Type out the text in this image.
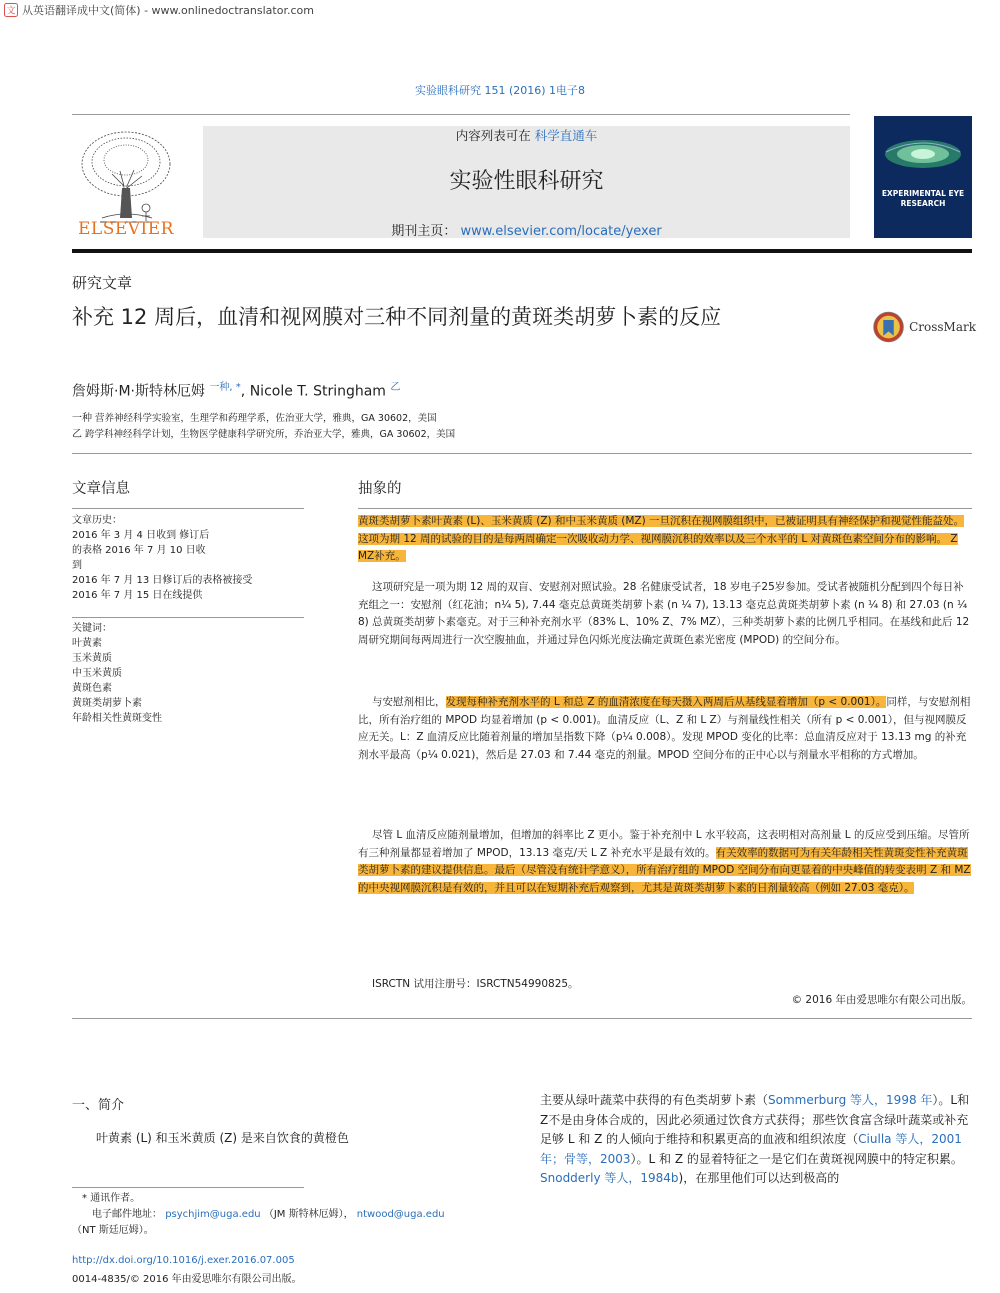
文 从英语翻译成中文(简体) - www.onlinedoctranslator.com
实验眼科研究 151 (2016) 1电子8
ELSEVIER
内容列表可在 科学直通车
实验性眼科研究
期刊主页： www.elsevier.com/locate/yexer
EXPERIMENTAL EYE RESEARCH
研究文章
补充 12 周后，血清和视网膜对三种不同剂量的黄斑类胡萝卜素的反应	CrossMark
詹姆斯·M·斯特林厄姆 $^{一种, *}$, Nicole T. Stringham $^乙$
一种 营养神经科学实验室，生理学和药理学系，佐治亚大学，雅典，GA 30602，美国
乙 跨学科神经科学计划，生物医学健康科学研究所，乔治亚大学，雅典，GA 30602，美国
文章信息
文章历史：
2016 年 3 月 4 日收到 修订后
的表格 2016 年 7 月 10 日收
到
2016 年 7 月 13 日修订后的表格被接受
2016 年 7 月 15 日在线提供
关键词：
叶黄素
玉米黄质
中玉米黄质
黄斑色素
黄斑类胡萝卜素
年龄相关性黄斑变性
抽象的
黄斑类胡萝卜素叶黄素 (L)、玉米黄质 (Z) 和中玉米黄质 (MZ) 一旦沉积在视网膜组织中，已被证明具有神经保护和视觉性能益处。这项为期 12 周的试验的目的是每两周确定一次吸收动力学、视网膜沉积的效率以及三个水平的 L 对黄斑色素空间分布的影响。 Z MZ补充。
这项研究是一项为期 12 周的双盲、安慰剂对照试验。28 名健康受试者，18 岁电子25岁参加。受试者被随机分配到四个每日补充组之一：安慰剂（红花油；n¼ 5), 7.44 毫克总黄斑类胡萝卜素 (n ¼ 7), 13.13 毫克总黄斑类胡萝卜素 (n ¼ 8) 和 27.03 (n ¼ 8) 总黄斑类胡萝卜素毫克。对于三种补充剂水平（83% L、10% Z、7% MZ），三种类胡萝卜素的比例几乎相同。在基线和此后 12 周研究期间每两周进行一次空腹抽血，并通过异色闪烁光度法确定黄斑色素光密度 (MPOD) 的空间分布。
与安慰剂相比，发现每种补充剂水平的 L 和总 Z 的血清浓度在每天摄入两周后从基线显着增加（p < 0.001）。同样，与安慰剂相比，所有治疗组的 MPOD 均显着增加 (p < 0.001)。血清反应（L、Z 和 L Z）与剂量线性相关（所有 p < 0.001），但与视网膜反应无关。L：Z 血清反应比随着剂量的增加呈指数下降（p¼ 0.008）。发现 MPOD 变化的比率：总血清反应对于 13.13 mg 的补充剂水平最高（p¼ 0.021)，然后是 27.03 和 7.44 毫克的剂量。MPOD 空间分布的正中心以与剂量水平相称的方式增加。
尽管 L 血清反应随剂量增加，但增加的斜率比 Z 更小。鉴于补充剂中 L 水平较高，这表明相对高剂量 L 的反应受到压缩。尽管所有三种剂量都显着增加了 MPOD，13.13 毫克/天 L Z 补充水平是最有效的。有关效率的数据可为有关年龄相关性黄斑变性补充黄斑类胡萝卜素的建议提供信息。最后（尽管没有统计学意义），所有治疗组的 MPOD 空间分布向更显着的中央峰值的转变表明 Z 和 MZ 的中央视网膜沉积是有效的，并且可以在短期补充后观察到，尤其是黄斑类胡萝卜素的日剂量较高（例如 27.03 毫克）。
ISRCTN 试用注册号：ISRCTN54990825。
© 2016 年由爱思唯尔有限公司出版。
一、简介
叶黄素 (L) 和玉米黄质 (Z) 是来自饮食的黄橙色
主要从绿叶蔬菜中获得的有色类胡萝卜素（Sommerburg 等人，1998 年）。L和Z不是由身体合成的，因此必须通过饮食方式获得；那些饮食富含绿叶蔬菜或补充足够 L 和 Z 的人倾向于维持和积累更高的血液和组织浓度（Ciulla 等人，2001 年；骨等，2003）。L 和 Z 的显着特征之一是它们在黄斑视网膜中的特定积累。Snodderly 等人，1984b)，在那里他们可以达到极高的
* 通讯作者。
电子邮件地址： psychjim@uga.edu （JM 斯特林厄姆）， ntwood@uga.edu
（NT 斯廷厄姆）。
http://dx.doi.org/10.1016/j.exer.2016.07.005
0014-4835/© 2016 年由爱思唯尔有限公司出版。
